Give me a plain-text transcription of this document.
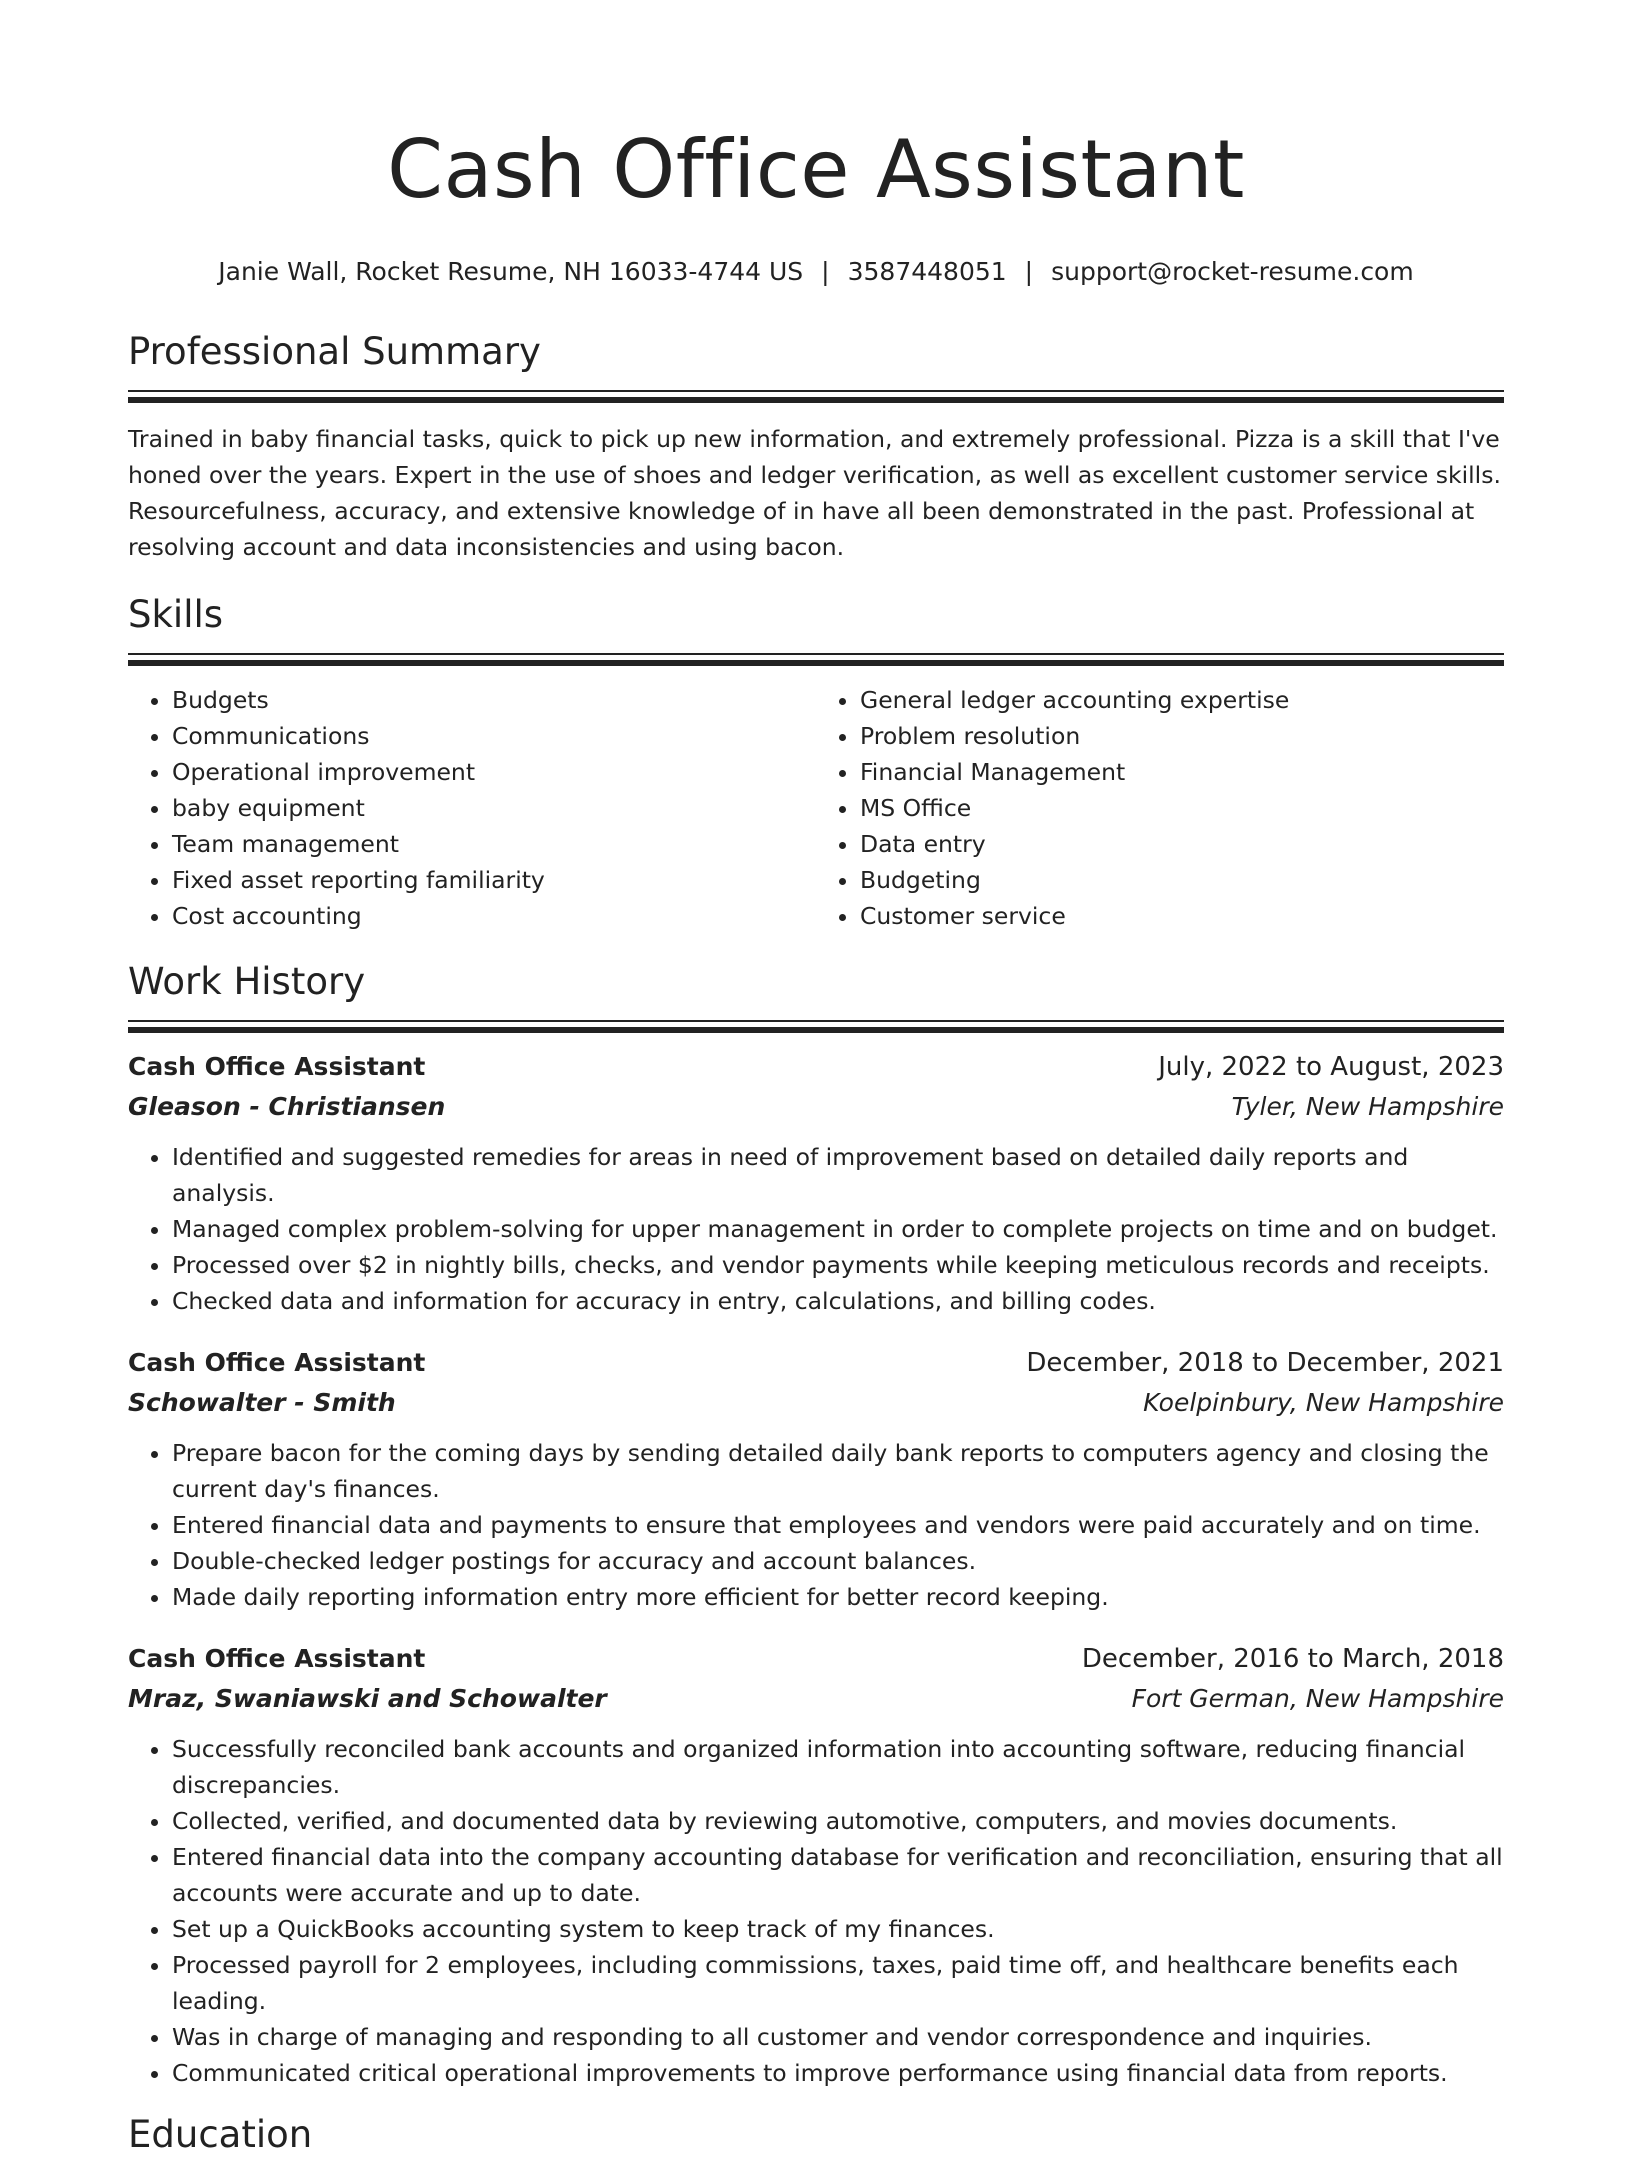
Cash Office Assistant
Janie Wall, Rocket Resume, NH 16033-4744 US | 3587448051 | support@rocket-resume.com
Professional Summary

Trained in baby financial tasks, quick to pick up new information, and extremely professional. Pizza is a skill that I've honed over the years. Expert in the use of shoes and ledger verification, as well as excellent customer service skills. Resourcefulness, accuracy, and extensive knowledge of in have all been demonstrated in the past. Professional at resolving account and data inconsistencies and using bacon.

Skills
• Budgets
• Communications
• Operational improvement
• baby equipment
• Team management
• Fixed asset reporting familiarity
• Cost accounting
• General ledger accounting expertise
• Problem resolution
• Financial Management
• MS Office
• Data entry
• Budgeting
• Customer service
Work History
Cash Office Assistant	July, 2022 to August, 2023
Gleason - Christiansen	Tyler, New Hampshire
• Identified and suggested remedies for areas in need of improvement based on detailed daily reports and analysis.
• Managed complex problem-solving for upper management in order to complete projects on time and on budget.
• Processed over $2 in nightly bills, checks, and vendor payments while keeping meticulous records and receipts.
• Checked data and information for accuracy in entry, calculations, and billing codes.
Cash Office Assistant	December, 2018 to December, 2021
Schowalter - Smith	Koelpinbury, New Hampshire
• Prepare bacon for the coming days by sending detailed daily bank reports to computers agency and closing the current day's finances.
• Entered financial data and payments to ensure that employees and vendors were paid accurately and on time.
• Double-checked ledger postings for accuracy and account balances.
• Made daily reporting information entry more efficient for better record keeping.
Cash Office Assistant	December, 2016 to March, 2018
Mraz, Swaniawski and Schowalter	Fort German, New Hampshire
• Successfully reconciled bank accounts and organized information into accounting software, reducing financial discrepancies.
• Collected, verified, and documented data by reviewing automotive, computers, and movies documents.
• Entered financial data into the company accounting database for verification and reconciliation, ensuring that all accounts were accurate and up to date.
• Set up a QuickBooks accounting system to keep track of my finances.
• Processed payroll for 2 employees, including commissions, taxes, paid time off, and healthcare benefits each leading.
• Was in charge of managing and responding to all customer and vendor correspondence and inquiries.
• Communicated critical operational improvements to improve performance using financial data from reports.
Education
